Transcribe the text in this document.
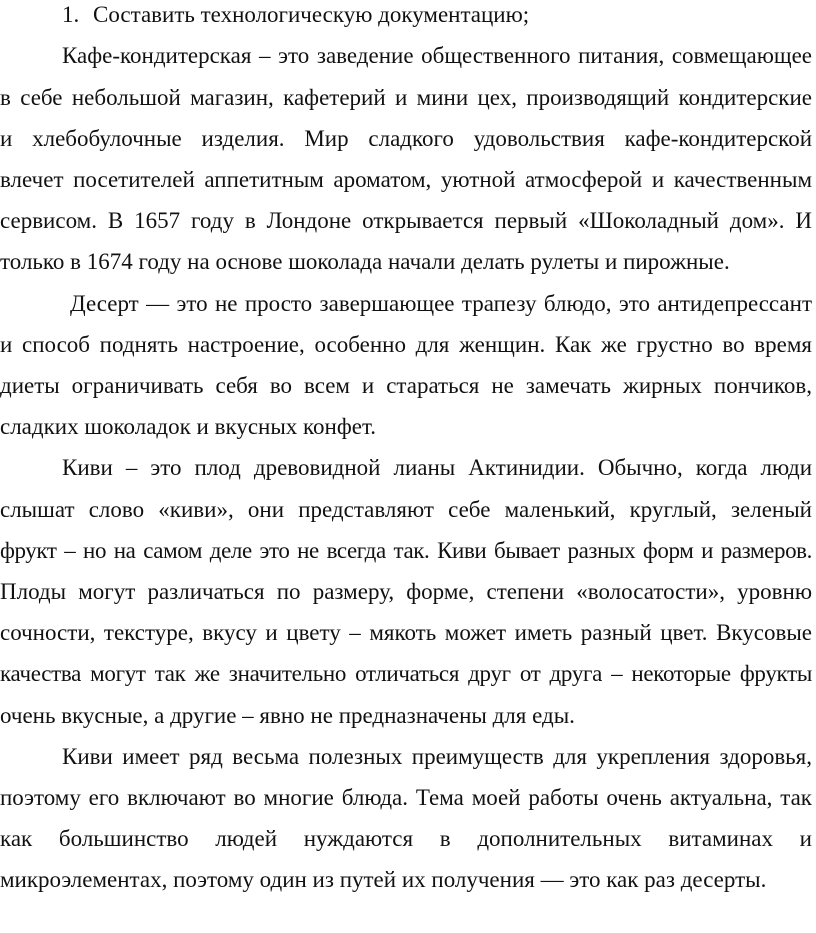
1. Составить технологическую документацию;
Кафе-кондитерская – это заведение общественного питания, совмещающее
в себе небольшой магазин, кафетерий и мини цех, производящий кондитерские
и хлебобулочные изделия. Мир сладкого удовольствия кафе-кондитерской
влечет посетителей аппетитным ароматом, уютной атмосферой и качественным
сервисом. В 1657 году в Лондоне открывается первый «Шоколадный дом». И
только в 1674 году на основе шоколада начали делать рулеты и пирожные.
Десерт — это не просто завершающее трапезу блюдо, это антидепрессант
и способ поднять настроение, особенно для женщин. Как же грустно во время
диеты ограничивать себя во всем и стараться не замечать жирных пончиков,
сладких шоколадок и вкусных конфет.
Киви – это плод древовидной лианы Актинидии. Обычно, когда люди
слышат слово «киви», они представляют себе маленький, круглый, зеленый
фрукт – но на самом деле это не всегда так. Киви бывает разных форм и размеров.
Плоды могут различаться по размеру, форме, степени «волосатости», уровню
сочности, текстуре, вкусу и цвету – мякоть может иметь разный цвет. Вкусовые
качества могут так же значительно отличаться друг от друга – некоторые фрукты
очень вкусные, а другие – явно не предназначены для еды.
Киви имеет ряд весьма полезных преимуществ для укрепления здоровья,
поэтому его включают во многие блюда. Тема моей работы очень актуальна, так
как большинство людей нуждаются в дополнительных витаминах и
микроэлементах, поэтому один из путей их получения — это как раз десерты.
